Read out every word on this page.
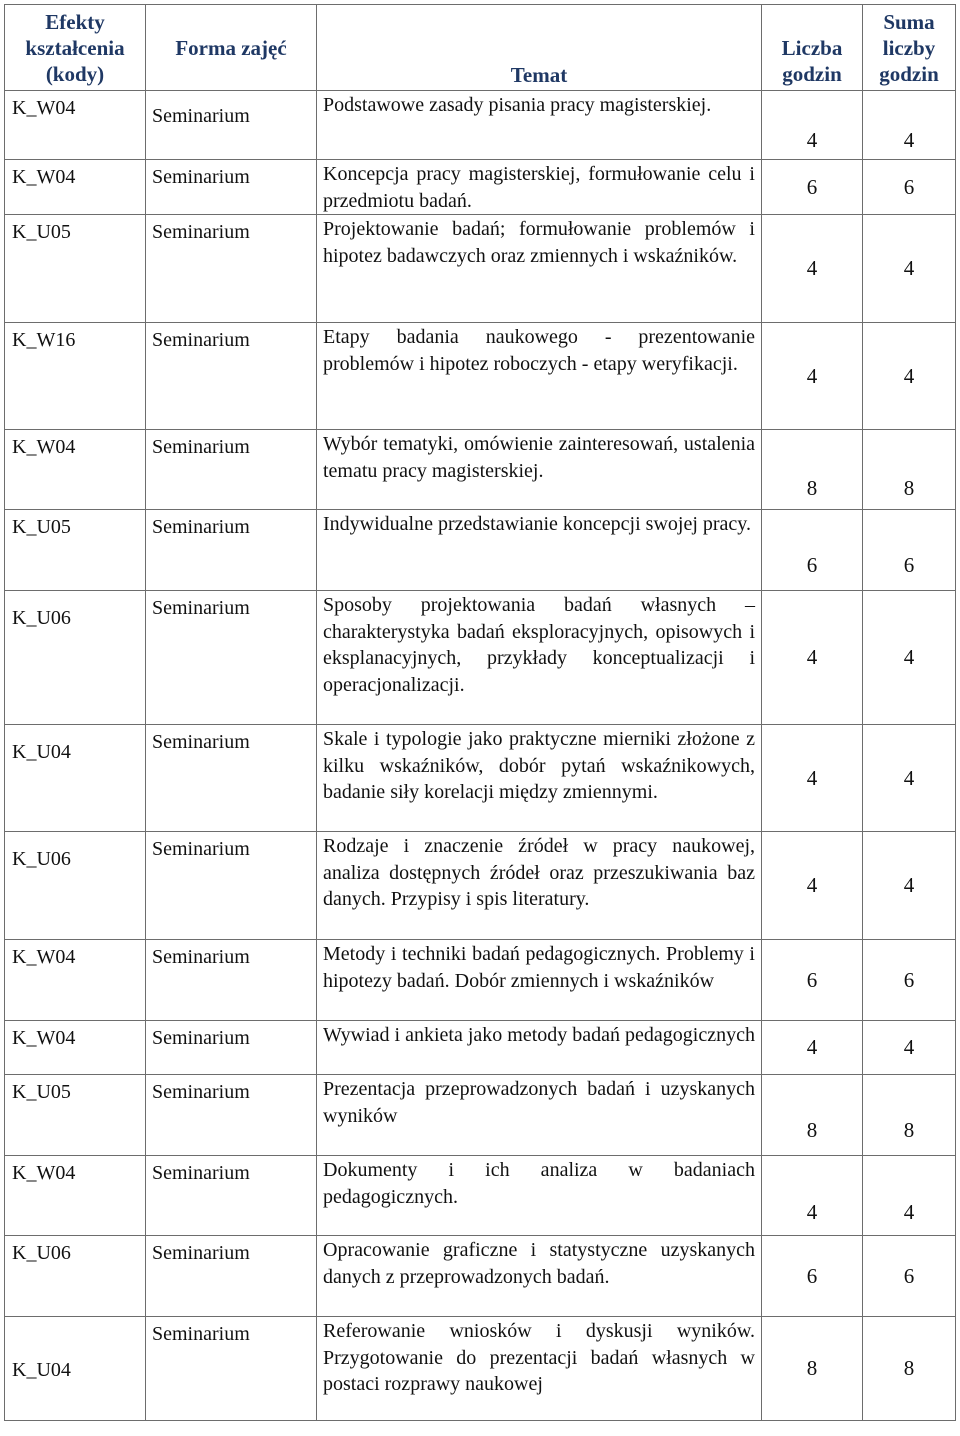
Efekty kształcenia (kody)	Forma zajęć	Temat	Liczba godzin	Suma liczby godzin

K_W04	Seminarium	Podstawowe zasady pisania pracy magisterskiej.	4	4

K_W04	Seminarium	Koncepcja pracy magisterskiej, formułowanie celu i przedmiotu badań.	6	6

K_U05	Seminarium	Projektowanie badań; formułowanie problemów i hipotez badawczych oraz zmiennych i wskaźników.	4	4

K_W16	Seminarium	Etapy badania naukowego - prezentowanie problemów i hipotez roboczych - etapy weryfikacji.	4	4

K_W04	Seminarium	Wybór tematyki, omówienie zainteresowań, ustalenia tematu pracy magisterskiej.	8	8

K_U05	Seminarium	Indywidualne przedstawianie koncepcji swojej pracy.	6	6

K_U06	Seminarium	Sposoby projektowania badań własnych – charakterystyka badań eksploracyjnych, opisowych i eksplanacyjnych, przykłady konceptualizacji i operacjonalizacji.	4	4

K_U04	Seminarium	Skale i typologie jako praktyczne mierniki złożone z kilku wskaźników, dobór pytań wskaźnikowych, badanie siły korelacji między zmiennymi.	4	4

K_U06	Seminarium	Rodzaje i znaczenie źródeł w pracy naukowej, analiza dostępnych źródeł oraz przeszukiwania baz danych. Przypisy i spis literatury.	4	4

K_W04	Seminarium	Metody i techniki badań pedagogicznych. Problemy i hipotezy badań. Dobór zmiennych i wskaźników	6	6

K_W04	Seminarium	Wywiad i ankieta jako metody badań pedagogicznych	4	4

K_U05	Seminarium	Prezentacja przeprowadzonych badań i uzyskanych wyników	8	8

K_W04	Seminarium	Dokumenty i ich analiza w badaniach pedagogicznych.	4	4

K_U06	Seminarium	Opracowanie graficzne i statystyczne uzyskanych danych z przeprowadzonych badań.	6	6

K_U04	Seminarium	Referowanie wniosków i dyskusji wyników. Przygotowanie do prezentacji badań własnych w postaci rozprawy naukowej	8	8
